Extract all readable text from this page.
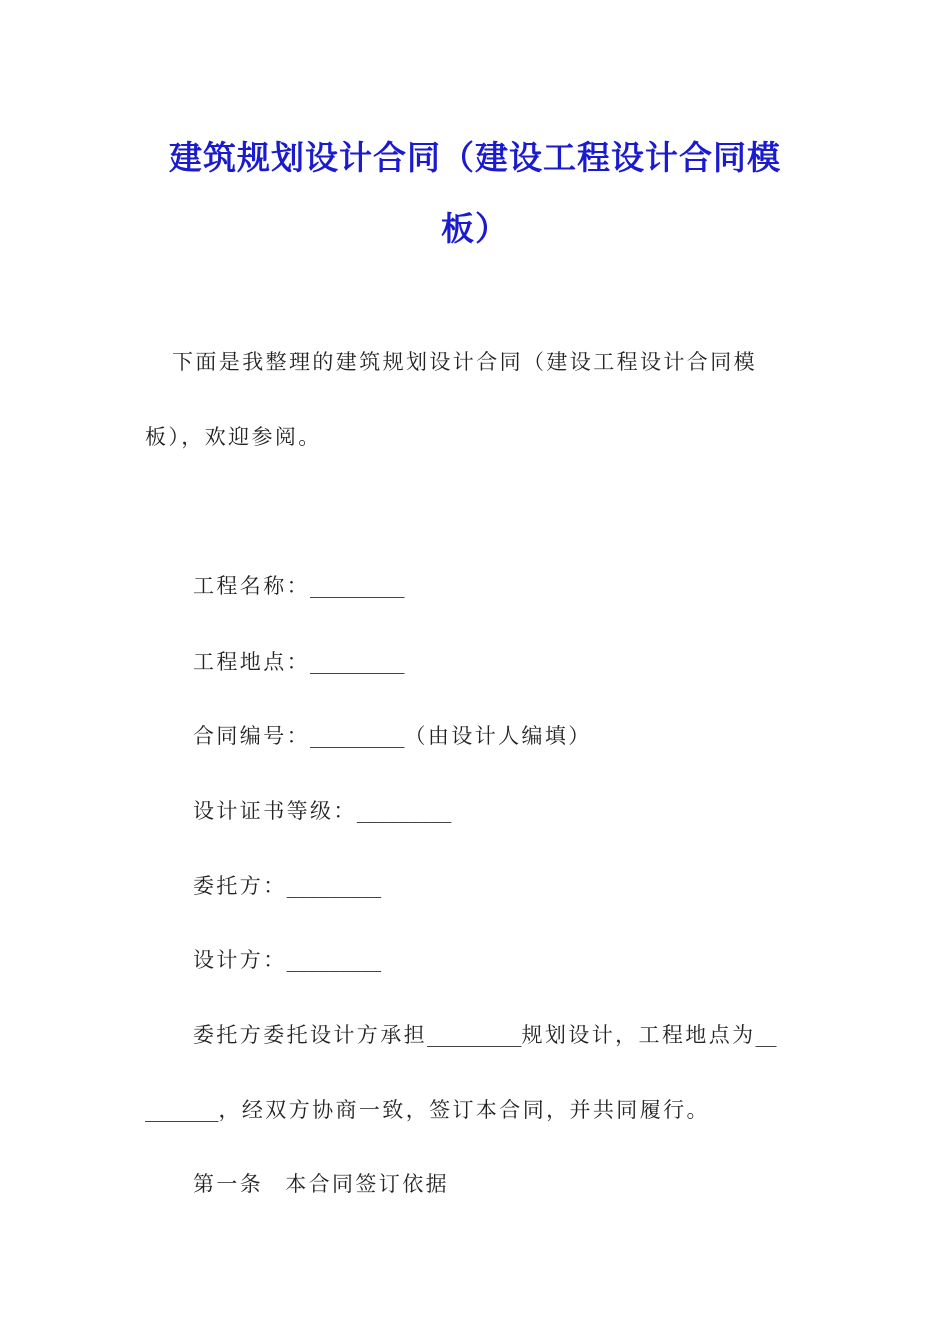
建筑规划设计合同（建设工程设计合同模
板）
下面是我整理的建筑规划设计合同（建设工程设计合同模
板），欢迎参阅。
工程名称：_________
工程地点：_________
合同编号：_________（由设计人编填）
设计证书等级：_________
委托方：_________
设计方：_________
委托方委托设计方承担_________规划设计，工程地点为__
_______，经双方协商一致，签订本合同，并共同履行。
第一条 本合同签订依据
